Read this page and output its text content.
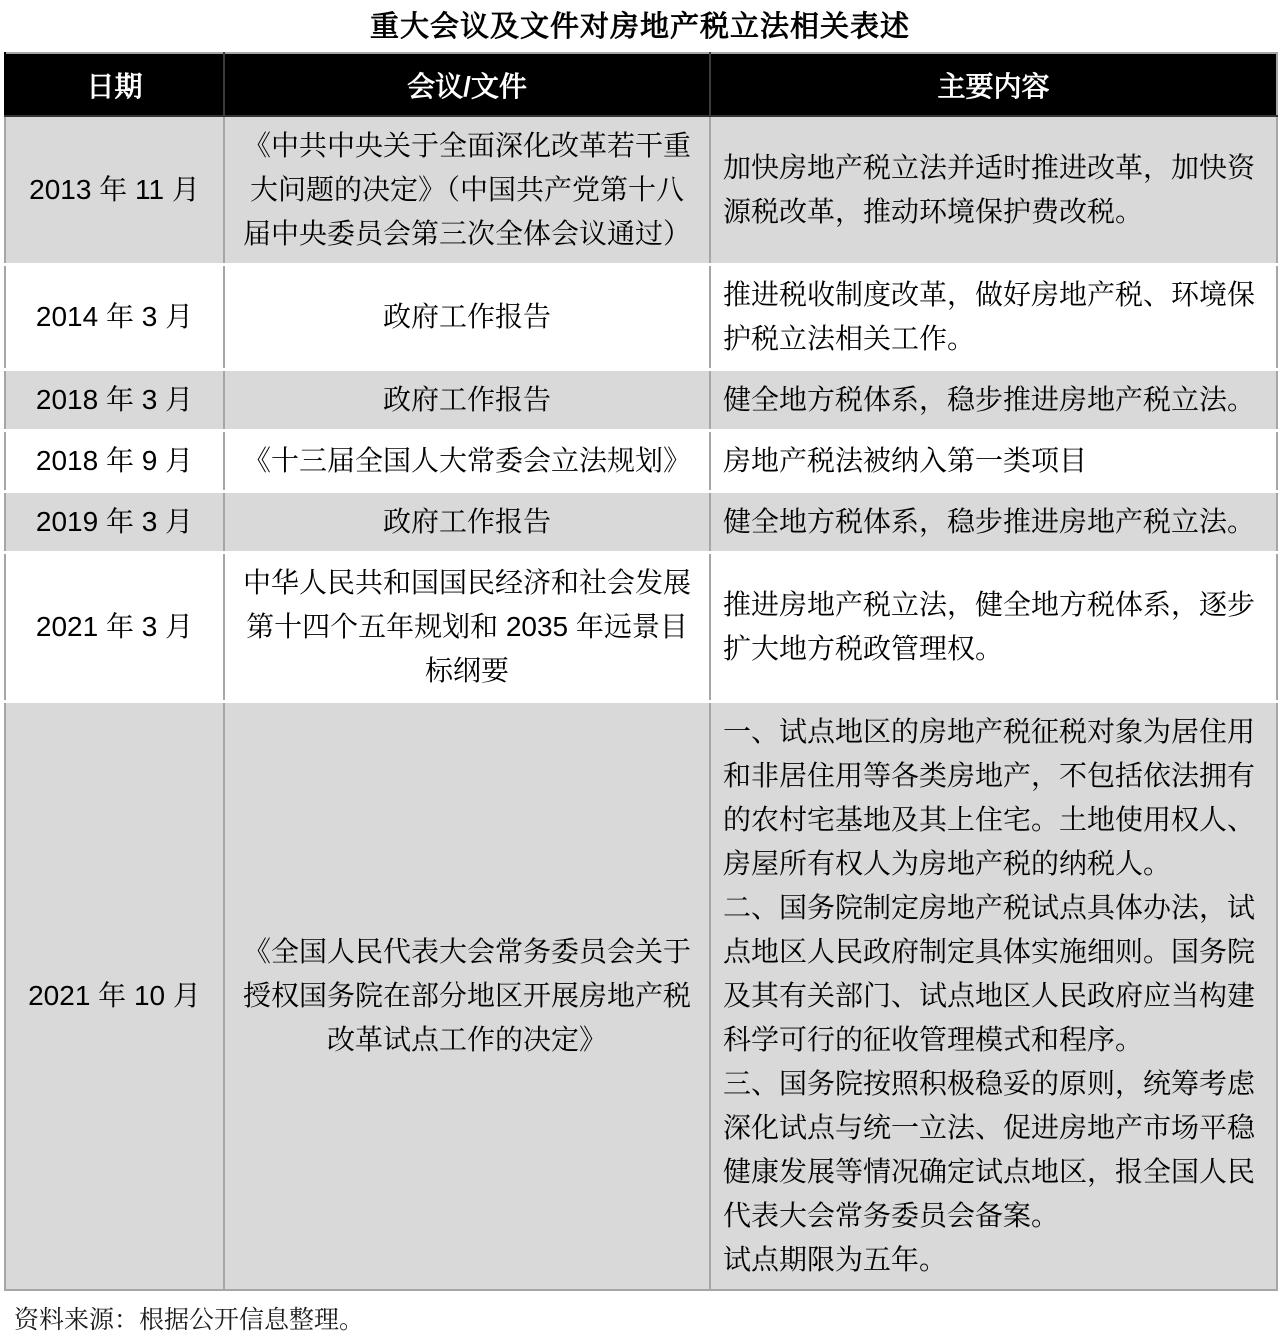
重大会议及文件对房地产税立法相关表述
日期	会议/文件	主要内容
2013 年 11 月	《中共中央关于全面深化改革若干重大问题的决定》（中国共产党第十八届中央委员会第三次全体会议通过）	加快房地产税立法并适时推进改革，加快资源税改革，推动环境保护费改税。
2014 年 3 月	政府工作报告	推进税收制度改革，做好房地产税、环境保护税立法相关工作。
2018 年 3 月	政府工作报告	健全地方税体系，稳步推进房地产税立法。
2018 年 9 月	《十三届全国人大常委会立法规划》	房地产税法被纳入第一类项目
2019 年 3 月	政府工作报告	健全地方税体系，稳步推进房地产税立法。
2021 年 3 月	中华人民共和国国民经济和社会发展第十四个五年规划和 2035 年远景目标纲要	推进房地产税立法，健全地方税体系，逐步扩大地方税政管理权。
2021 年 10 月	《全国人民代表大会常务委员会关于授权国务院在部分地区开展房地产税改革试点工作的决定》	一、试点地区的房地产税征税对象为居住用和非居住用等各类房地产，不包括依法拥有的农村宅基地及其上住宅。土地使用权人、房屋所有权人为房地产税的纳税人。
二、国务院制定房地产税试点具体办法，试点地区人民政府制定具体实施细则。国务院及其有关部门、试点地区人民政府应当构建科学可行的征收管理模式和程序。
三、国务院按照积极稳妥的原则，统筹考虑深化试点与统一立法、促进房地产市场平稳健康发展等情况确定试点地区，报全国人民代表大会常务委员会备案。
试点期限为五年。
资料来源：根据公开信息整理。
